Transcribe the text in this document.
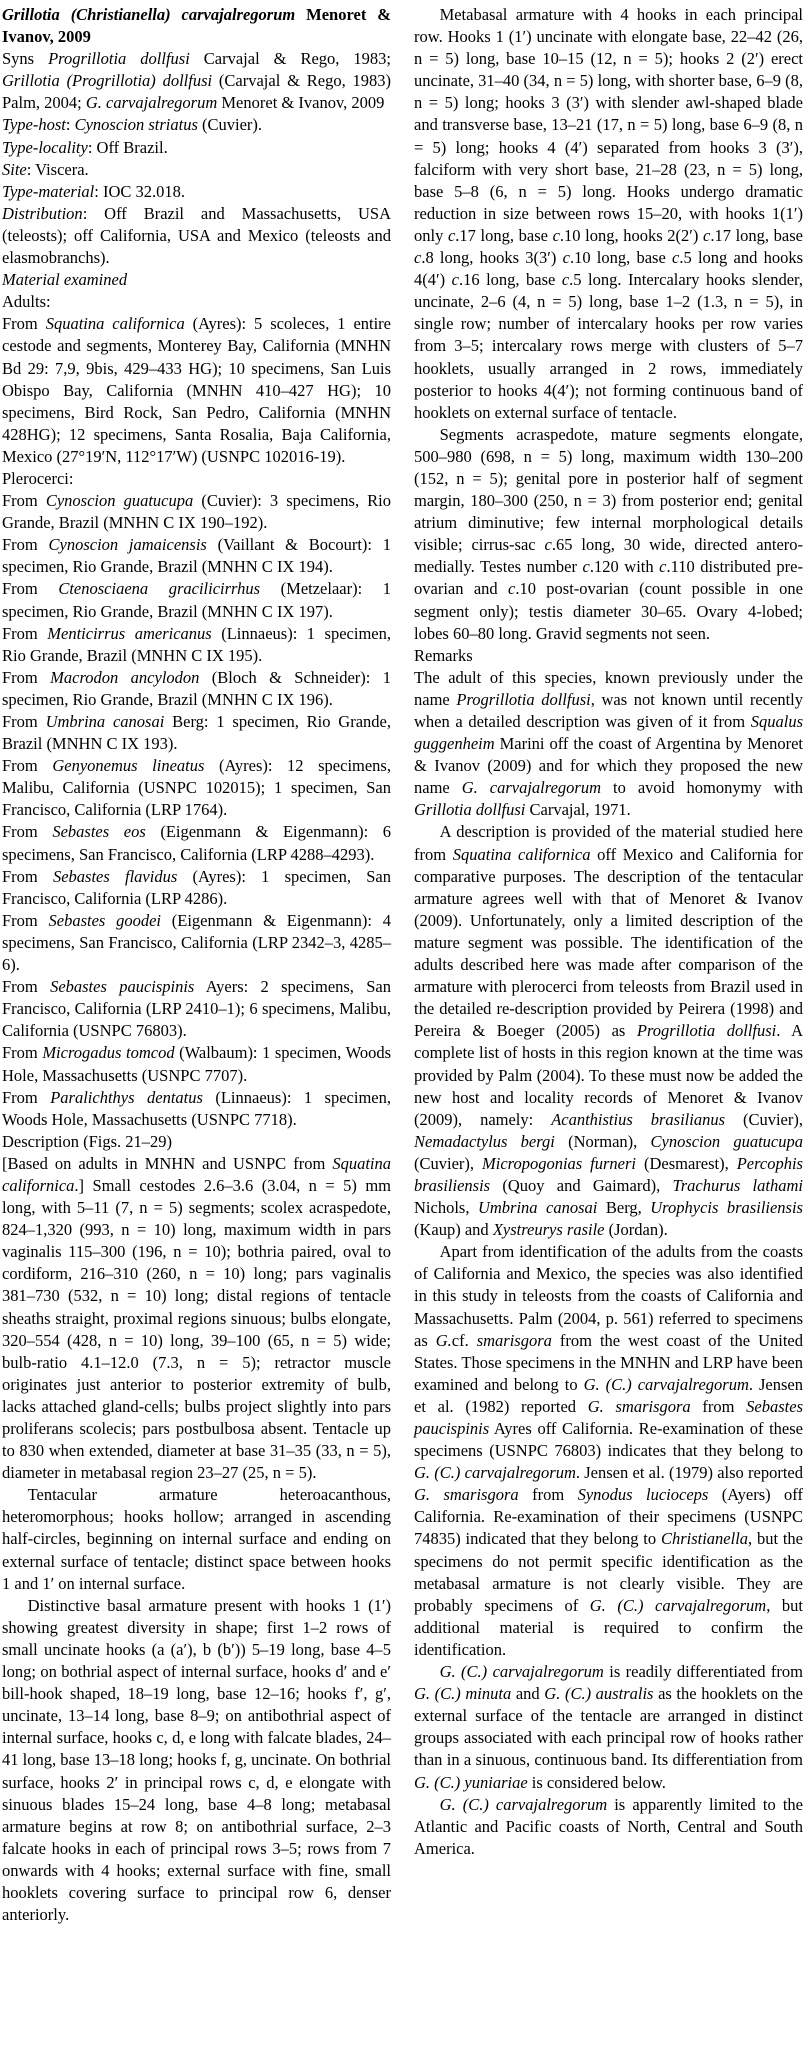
Grillotia (Christianella) carvajalregorum Menoret & Ivanov, 2009

Syns Progrillotia dollfusi Carvajal & Rego, 1983; Grillotia (Progrillotia) dollfusi (Carvajal & Rego, 1983) Palm, 2004; G. carvajalregorum Menoret & Ivanov, 2009

Type-host: Cynoscion striatus (Cuvier).

Type-locality: Off Brazil.

Site: Viscera.

Type-material: IOC 32.018.

Distribution: Off Brazil and Massachusetts, USA (teleosts); off California, USA and Mexico (teleosts and elasmobranchs).

Material examined

Adults:

From Squatina californica (Ayres): 5 scoleces, 1 entire cestode and segments, Monterey Bay, California (MNHN Bd 29: 7,9, 9bis, 429–433 HG); 10 specimens, San Luis Obispo Bay, California (MNHN 410–427 HG); 10 specimens, Bird Rock, San Pedro, California (MNHN 428HG); 12 specimens, Santa Rosalia, Baja California, Mexico (27°19′N, 112°17′W) (USNPC 102016-19).

Plerocerci:

From Cynoscion guatucupa (Cuvier): 3 specimens, Rio Grande, Brazil (MNHN C IX 190–192).

From Cynoscion jamaicensis (Vaillant & Bocourt): 1 specimen, Rio Grande, Brazil (MNHN C IX 194).

From Ctenosciaena gracilicirrhus (Metzelaar): 1 specimen, Rio Grande, Brazil (MNHN C IX 197).

From Menticirrus americanus (Linnaeus): 1 specimen, Rio Grande, Brazil (MNHN C IX 195).

From Macrodon ancylodon (Bloch & Schneider): 1 specimen, Rio Grande, Brazil (MNHN C IX 196).

From Umbrina canosai Berg: 1 specimen, Rio Grande, Brazil (MNHN C IX 193).

From Genyonemus lineatus (Ayres): 12 specimens, Malibu, California (USNPC 102015); 1 specimen, San Francisco, California (LRP 1764).

From Sebastes eos (Eigenmann & Eigenmann): 6 specimens, San Francisco, California (LRP 4288–4293).

From Sebastes flavidus (Ayres): 1 specimen, San Francisco, California (LRP 4286).

From Sebastes goodei (Eigenmann & Eigenmann): 4 specimens, San Francisco, California (LRP 2342–3, 4285–6).

From Sebastes paucispinis Ayers: 2 specimens, San Francisco, California (LRP 2410–1); 6 specimens, Malibu, California (USNPC 76803).

From Microgadus tomcod (Walbaum): 1 specimen, Woods Hole, Massachusetts (USNPC 7707).

From Paralichthys dentatus (Linnaeus): 1 specimen, Woods Hole, Massachusetts (USNPC 7718).

Description (Figs. 21–29)

[Based on adults in MNHN and USNPC from Squatina californica.] Small cestodes 2.6–3.6 (3.04, n = 5) mm long, with 5–11 (7, n = 5) segments; scolex acraspedote, 824–1,320 (993, n = 10) long, maximum width in pars vaginalis 115–300 (196, n = 10); bothria paired, oval to cordiform, 216–310 (260, n = 10) long; pars vaginalis 381–730 (532, n = 10) long; distal regions of tentacle sheaths straight, proximal regions sinuous; bulbs elongate, 320–554 (428, n = 10) long, 39–100 (65, n = 5) wide; bulb-ratio 4.1–12.0 (7.3, n = 5); retractor muscle originates just anterior to posterior extremity of bulb, lacks attached gland-cells; bulbs project slightly into pars proliferans scolecis; pars postbulbosa absent. Tentacle up to 830 when extended, diameter at base 31–35 (33, n = 5), diameter in metabasal region 23–27 (25, n = 5).

Tentacular armature heteroacanthous, heteromorphous; hooks hollow; arranged in ascending half-circles, beginning on internal surface and ending on external surface of tentacle; distinct space between hooks 1 and 1′ on internal surface.

Distinctive basal armature present with hooks 1 (1′) showing greatest diversity in shape; first 1–2 rows of small uncinate hooks (a (a′), b (b′)) 5–19 long, base 4–5 long; on bothrial aspect of internal surface, hooks d′ and e′ bill-hook shaped, 18–19 long, base 12–16; hooks f′, g′, uncinate, 13–14 long, base 8–9; on antibothrial aspect of internal surface, hooks c, d, e long with falcate blades, 24–41 long, base 13–18 long; hooks f, g, uncinate. On bothrial surface, hooks 2′ in principal rows c, d, e elongate with sinuous blades 15–24 long, base 4–8 long; metabasal armature begins at row 8; on antibothrial surface, 2–3 falcate hooks in each of principal rows 3–5; rows from 7 onwards with 4 hooks; external surface with fine, small hooklets covering surface to principal row 6, denser anteriorly.

Metabasal armature with 4 hooks in each principal row. Hooks 1 (1′) uncinate with elongate base, 22–42 (26, n = 5) long, base 10–15 (12, n = 5); hooks 2 (2′) erect uncinate, 31–40 (34, n = 5) long, with shorter base, 6–9 (8, n = 5) long; hooks 3 (3′) with slender awl-shaped blade and transverse base, 13–21 (17, n = 5) long, base 6–9 (8, n = 5) long; hooks 4 (4′) separated from hooks 3 (3′), falciform with very short base, 21–28 (23, n = 5) long, base 5–8 (6, n = 5) long. Hooks undergo dramatic reduction in size between rows 15–20, with hooks 1(1′) only c.17 long, base c.10 long, hooks 2(2′) c.17 long, base c.8 long, hooks 3(3′) c.10 long, base c.5 long and hooks 4(4′) c.16 long, base c.5 long. Intercalary hooks slender, uncinate, 2–6 (4, n = 5) long, base 1–2 (1.3, n = 5), in single row; number of intercalary hooks per row varies from 3–5; intercalary rows merge with clusters of 5–7 hooklets, usually arranged in 2 rows, immediately posterior to hooks 4(4′); not forming continuous band of hooklets on external surface of tentacle.

Segments acraspedote, mature segments elongate, 500–980 (698, n = 5) long, maximum width 130–200 (152, n = 5); genital pore in posterior half of segment margin, 180–300 (250, n = 3) from posterior end; genital atrium diminutive; few internal morphological details visible; cirrus-sac c.65 long, 30 wide, directed antero-medially. Testes number c.120 with c.110 distributed pre-ovarian and c.10 post-ovarian (count possible in one segment only); testis diameter 30–65. Ovary 4-lobed; lobes 60–80 long. Gravid segments not seen.

Remarks

The adult of this species, known previously under the name Progrillotia dollfusi, was not known until recently when a detailed description was given of it from Squalus guggenheim Marini off the coast of Argentina by Menoret & Ivanov (2009) and for which they proposed the new name G. carvajalregorum to avoid homonymy with Grillotia dollfusi Carvajal, 1971.

A description is provided of the material studied here from Squatina californica off Mexico and California for comparative purposes. The description of the tentacular armature agrees well with that of Menoret & Ivanov (2009). Unfortunately, only a limited description of the mature segment was possible. The identification of the adults described here was made after comparison of the armature with plerocerci from teleosts from Brazil used in the detailed re-description provided by Peirera (1998) and Pereira & Boeger (2005) as Progrillotia dollfusi. A complete list of hosts in this region known at the time was provided by Palm (2004). To these must now be added the new host and locality records of Menoret & Ivanov (2009), namely: Acanthistius brasilianus (Cuvier), Nemadactylus bergi (Norman), Cynoscion guatucupa (Cuvier), Micropogonias furneri (Desmarest), Percophis brasiliensis (Quoy and Gaimard), Trachurus lathami Nichols, Umbrina canosai Berg, Urophycis brasiliensis (Kaup) and Xystreurys rasile (Jordan).

Apart from identification of the adults from the coasts of California and Mexico, the species was also identified in this study in teleosts from the coasts of California and Massachusetts. Palm (2004, p. 561) referred to specimens as G.cf. smarisgora from the west coast of the United States. Those specimens in the MNHN and LRP have been examined and belong to G. (C.) carvajalregorum. Jensen et al. (1982) reported G. smarisgora from Sebastes paucispinis Ayres off California. Re-examination of these specimens (USNPC 76803) indicates that they belong to G. (C.) carvajalregorum. Jensen et al. (1979) also reported G. smarisgora from Synodus lucioceps (Ayers) off California. Re-examination of their specimens (USNPC 74835) indicated that they belong to Christianella, but the specimens do not permit specific identification as the metabasal armature is not clearly visible. They are probably specimens of G. (C.) carvajalregorum, but additional material is required to confirm the identification.

G. (C.) carvajalregorum is readily differentiated from G. (C.) minuta and G. (C.) australis as the hooklets on the external surface of the tentacle are arranged in distinct groups associated with each principal row of hooks rather than in a sinuous, continuous band. Its differentiation from G. (C.) yuniariae is considered below.

G. (C.) carvajalregorum is apparently limited to the Atlantic and Pacific coasts of North, Central and South America.
